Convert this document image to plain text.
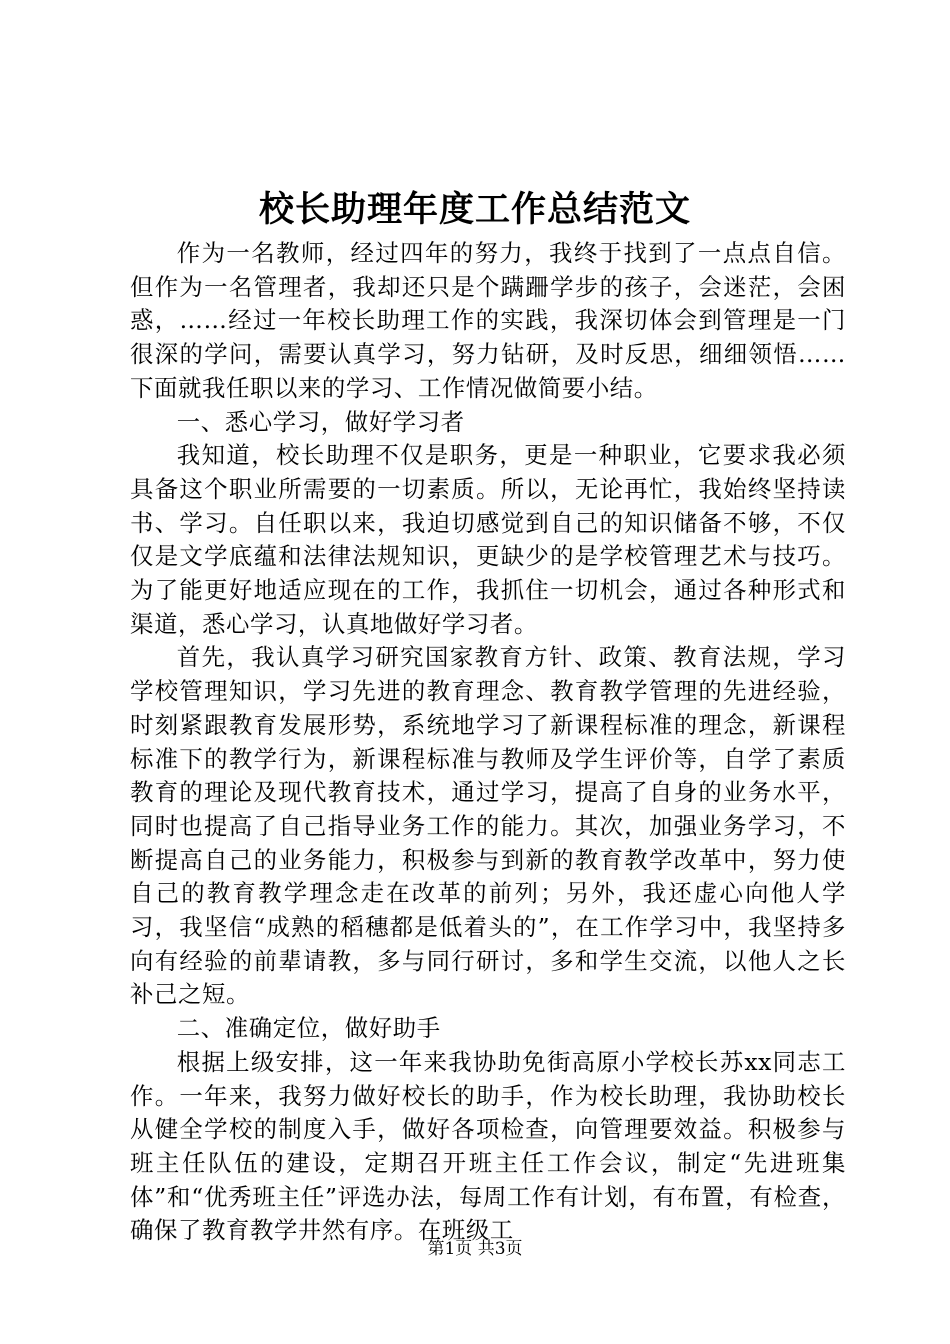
校长助理年度工作总结范文

作为一名教师，经过四年的努力，我终于找到了一点点自信。但作为一名管理者，我却还只是个蹒跚学步的孩子，会迷茫，会困惑，……经过一年校长助理工作的实践，我深切体会到管理是一门很深的学问，需要认真学习，努力钻研，及时反思，细细领悟……下面就我任职以来的学习、工作情况做简要小结。

一、悉心学习，做好学习者

我知道，校长助理不仅是职务，更是一种职业，它要求我必须具备这个职业所需要的一切素质。所以，无论再忙，我始终坚持读书、学习。自任职以来，我迫切感觉到自己的知识储备不够，不仅仅是文学底蕴和法律法规知识，更缺少的是学校管理艺术与技巧。为了能更好地适应现在的工作，我抓住一切机会，通过各种形式和渠道，悉心学习，认真地做好学习者。

首先，我认真学习研究国家教育方针、政策、教育法规，学习学校管理知识，学习先进的教育理念、教育教学管理的先进经验，时刻紧跟教育发展形势，系统地学习了新课程标准的理念，新课程标准下的教学行为，新课程标准与教师及学生评价等，自学了素质教育的理论及现代教育技术，通过学习，提高了自身的业务水平，同时也提高了自己指导业务工作的能力。其次，加强业务学习，不断提高自己的业务能力，积极参与到新的教育教学改革中，努力使自己的教育教学理念走在改革的前列；另外，我还虚心向他人学习，我坚信“成熟的稻穗都是低着头的”，在工作学习中，我坚持多向有经验的前辈请教，多与同行研讨，多和学生交流，以他人之长补己之短。

二、准确定位，做好助手

根据上级安排，这一年来我协助免街高原小学校长苏xx同志工作。一年来，我努力做好校长的助手，作为校长助理，我协助校长从健全学校的制度入手，做好各项检查，向管理要效益。积极参与班主任队伍的建设，定期召开班主任工作会议，制定“先进班集体”和“优秀班主任”评选办法，每周工作有计划，有布置，有检查，确保了教育教学井然有序。在班级工

第1页 共3页
